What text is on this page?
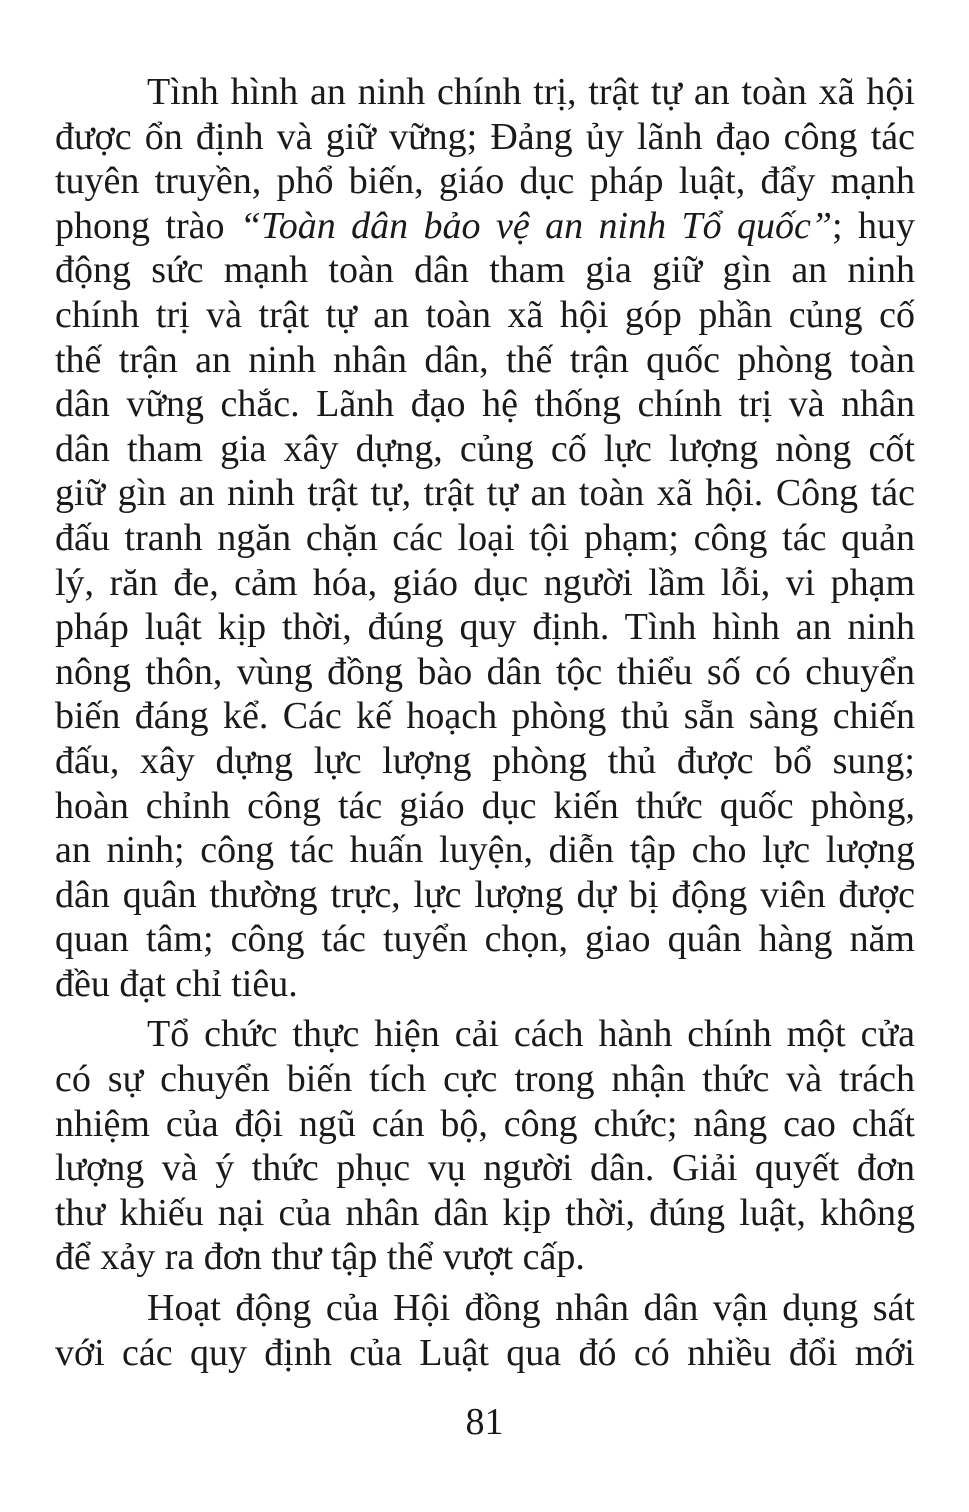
Tình hình an ninh chính trị, trật tự an toàn xã hội
được ổn định và giữ vững; Đảng ủy lãnh đạo công tác
tuyên truyền, phổ biến, giáo dục pháp luật, đẩy mạnh
phong trào “Toàn dân bảo vệ an ninh Tổ quốc”; huy
động sức mạnh toàn dân tham gia giữ gìn an ninh
chính trị và trật tự an toàn xã hội góp phần củng cố
thế trận an ninh nhân dân, thế trận quốc phòng toàn
dân vững chắc. Lãnh đạo hệ thống chính trị và nhân
dân tham gia xây dựng, củng cố lực lượng nòng cốt
giữ gìn an ninh trật tự, trật tự an toàn xã hội. Công tác
đấu tranh ngăn chặn các loại tội phạm; công tác quản
lý, răn đe, cảm hóa, giáo dục người lầm lỗi, vi phạm
pháp luật kịp thời, đúng quy định. Tình hình an ninh
nông thôn, vùng đồng bào dân tộc thiểu số có chuyển
biến đáng kể. Các kế hoạch phòng thủ sẵn sàng chiến
đấu, xây dựng lực lượng phòng thủ được bổ sung;
hoàn chỉnh công tác giáo dục kiến thức quốc phòng,
an ninh; công tác huấn luyện, diễn tập cho lực lượng
dân quân thường trực, lực lượng dự bị động viên được
quan tâm; công tác tuyển chọn, giao quân hàng năm
đều đạt chỉ tiêu.
Tổ chức thực hiện cải cách hành chính một cửa
có sự chuyển biến tích cực trong nhận thức và trách
nhiệm của đội ngũ cán bộ, công chức; nâng cao chất
lượng và ý thức phục vụ người dân. Giải quyết đơn
thư khiếu nại của nhân dân kịp thời, đúng luật, không
để xảy ra đơn thư tập thể vượt cấp.
Hoạt động của Hội đồng nhân dân vận dụng sát
với các quy định của Luật qua đó có nhiều đổi mới
81
